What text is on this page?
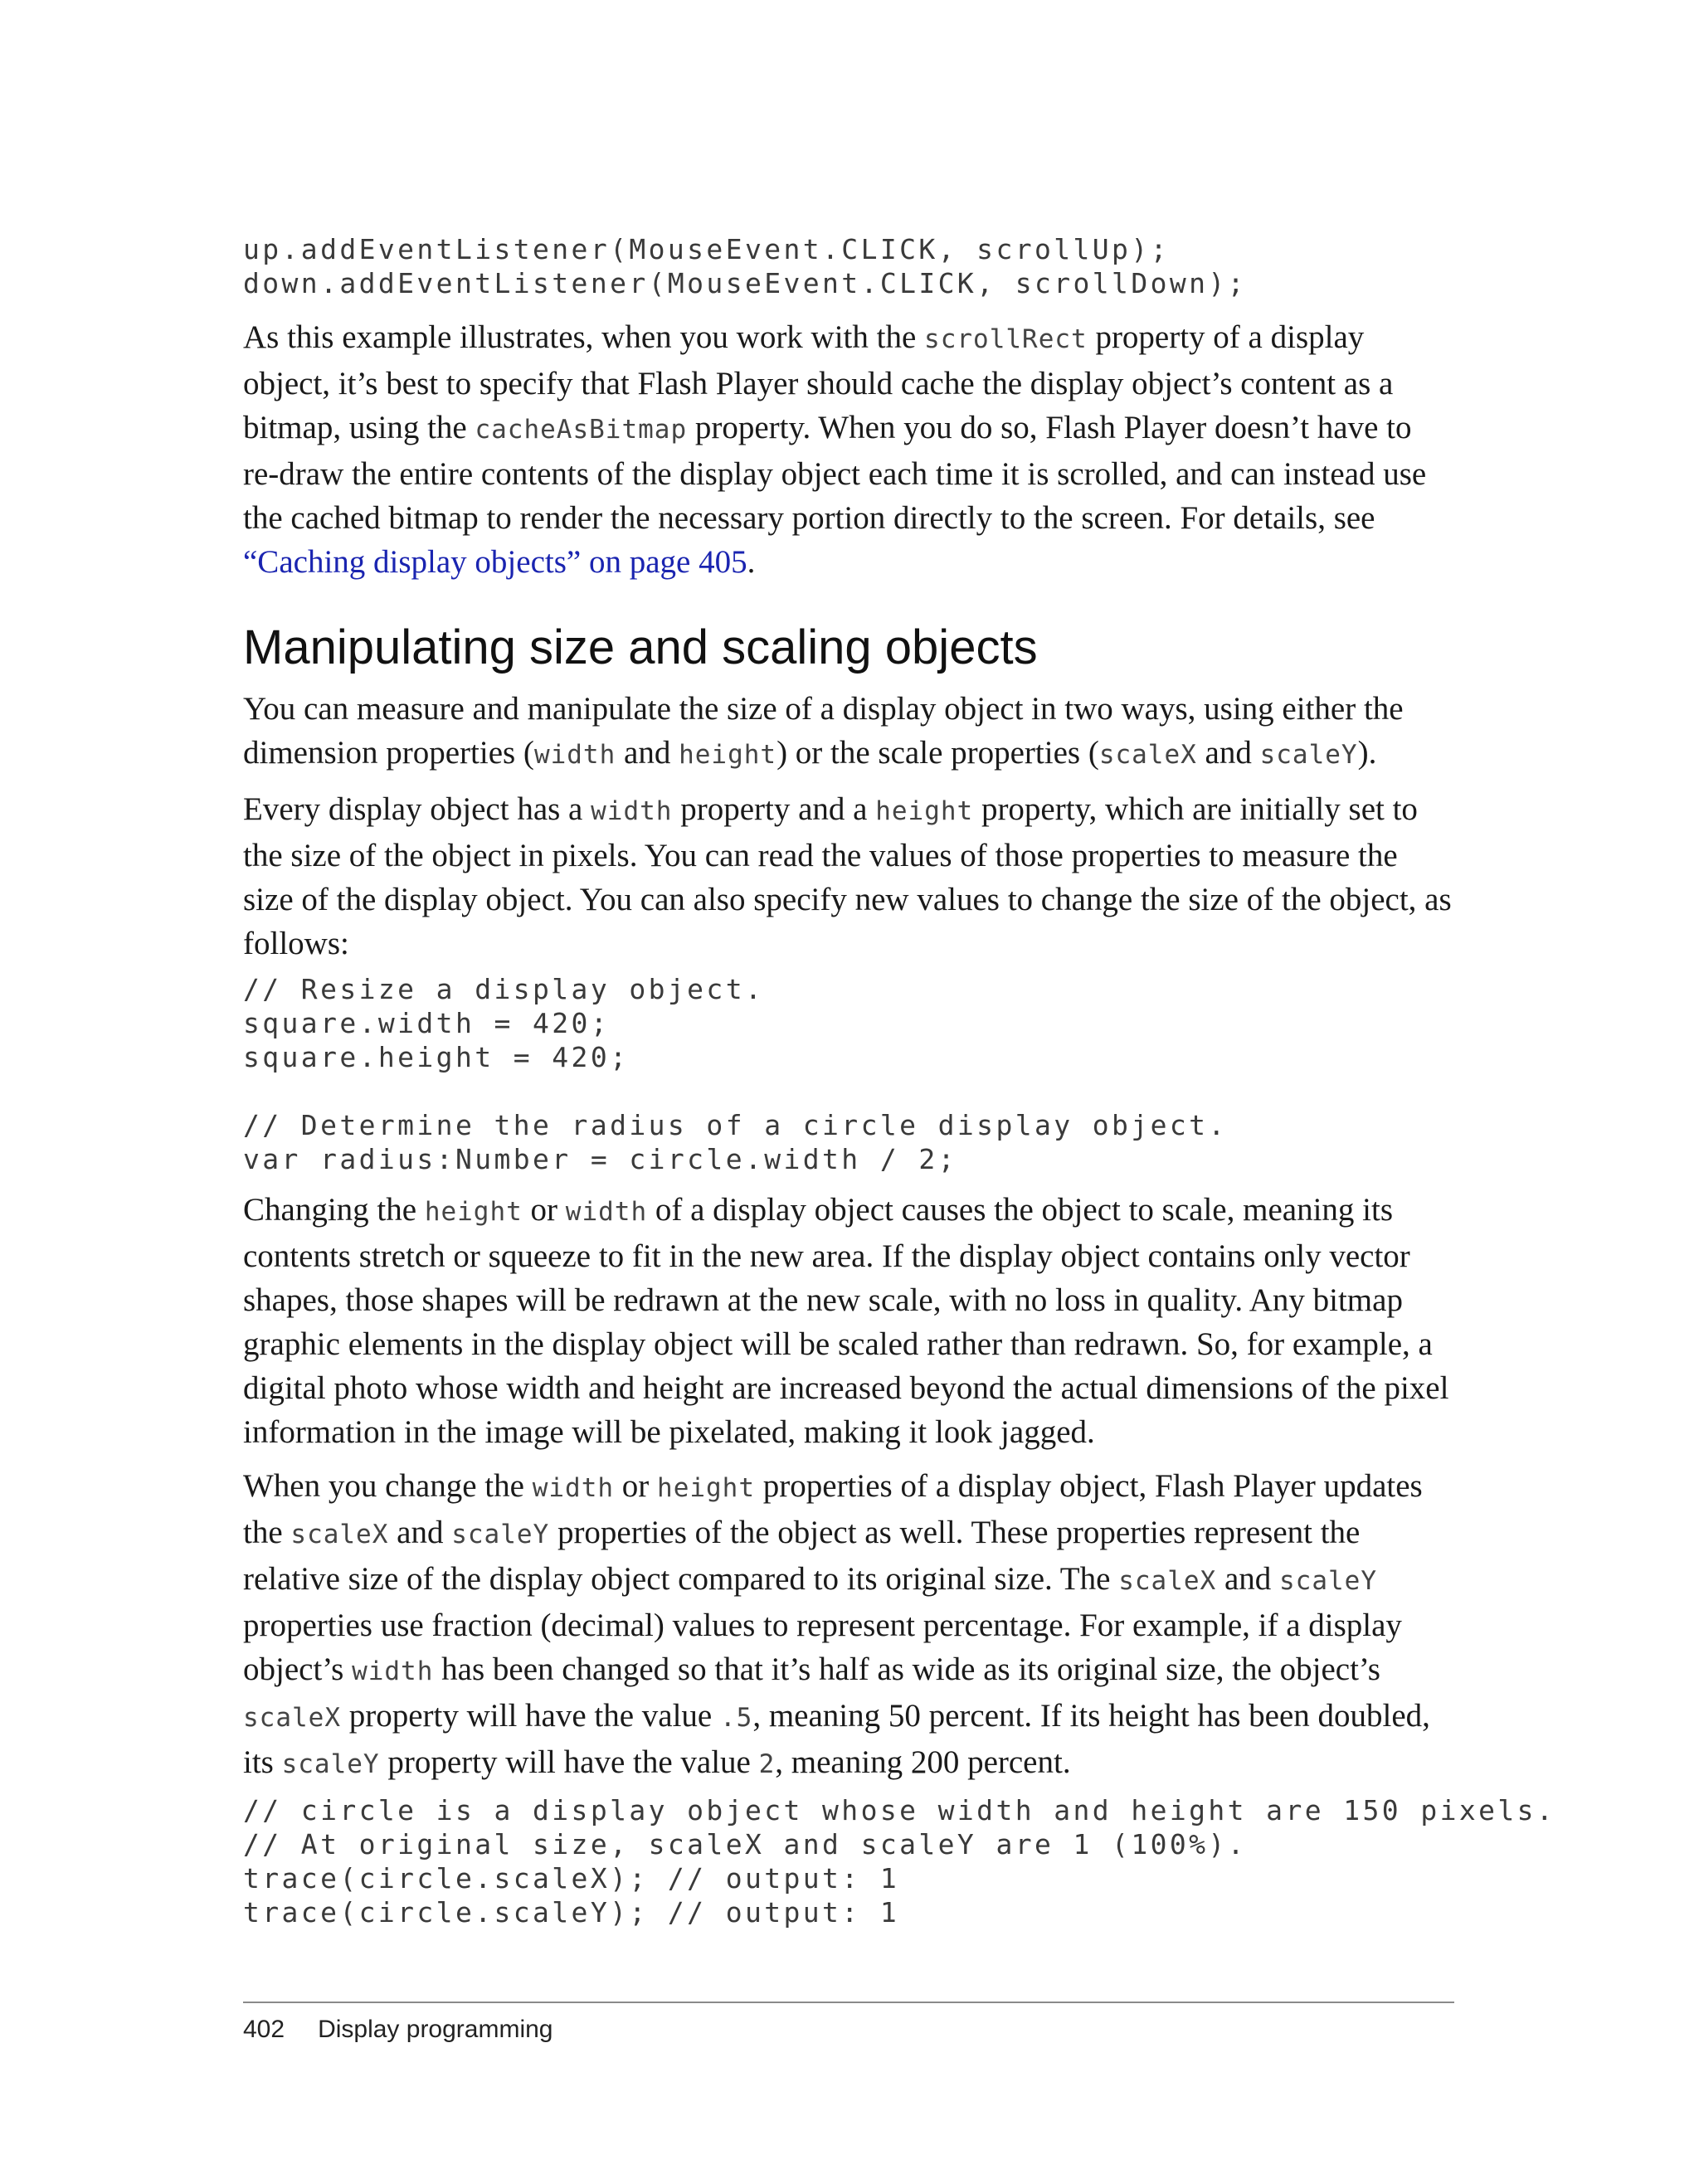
up.addEventListener(MouseEvent.CLICK, scrollUp);
down.addEventListener(MouseEvent.CLICK, scrollDown);

As this example illustrates, when you work with the scrollRect property of a display object, it’s best to specify that Flash Player should cache the display object’s content as a bitmap, using the cacheAsBitmap property. When you do so, Flash Player doesn’t have to re-draw the entire contents of the display object each time it is scrolled, and can instead use the cached bitmap to render the necessary portion directly to the screen. For details, see “Caching display objects” on page 405.

Manipulating size and scaling objects

You can measure and manipulate the size of a display object in two ways, using either the dimension properties (width and height) or the scale properties (scaleX and scaleY).

Every display object has a width property and a height property, which are initially set to the size of the object in pixels. You can read the values of those properties to measure the size of the display object. You can also specify new values to change the size of the object, as follows:

// Resize a display object.
square.width = 420;
square.height = 420;

// Determine the radius of a circle display object.
var radius:Number = circle.width / 2;

Changing the height or width of a display object causes the object to scale, meaning its contents stretch or squeeze to fit in the new area. If the display object contains only vector shapes, those shapes will be redrawn at the new scale, with no loss in quality. Any bitmap graphic elements in the display object will be scaled rather than redrawn. So, for example, a digital photo whose width and height are increased beyond the actual dimensions of the pixel information in the image will be pixelated, making it look jagged.

When you change the width or height properties of a display object, Flash Player updates the scaleX and scaleY properties of the object as well. These properties represent the relative size of the display object compared to its original size. The scaleX and scaleY properties use fraction (decimal) values to represent percentage. For example, if a display object’s width has been changed so that it’s half as wide as its original size, the object’s scaleX property will have the value .5, meaning 50 percent. If its height has been doubled, its scaleY property will have the value 2, meaning 200 percent.

// circle is a display object whose width and height are 150 pixels.
// At original size, scaleX and scaleY are 1 (100%).
trace(circle.scaleX); // output: 1
trace(circle.scaleY); // output: 1
402 Display programming
